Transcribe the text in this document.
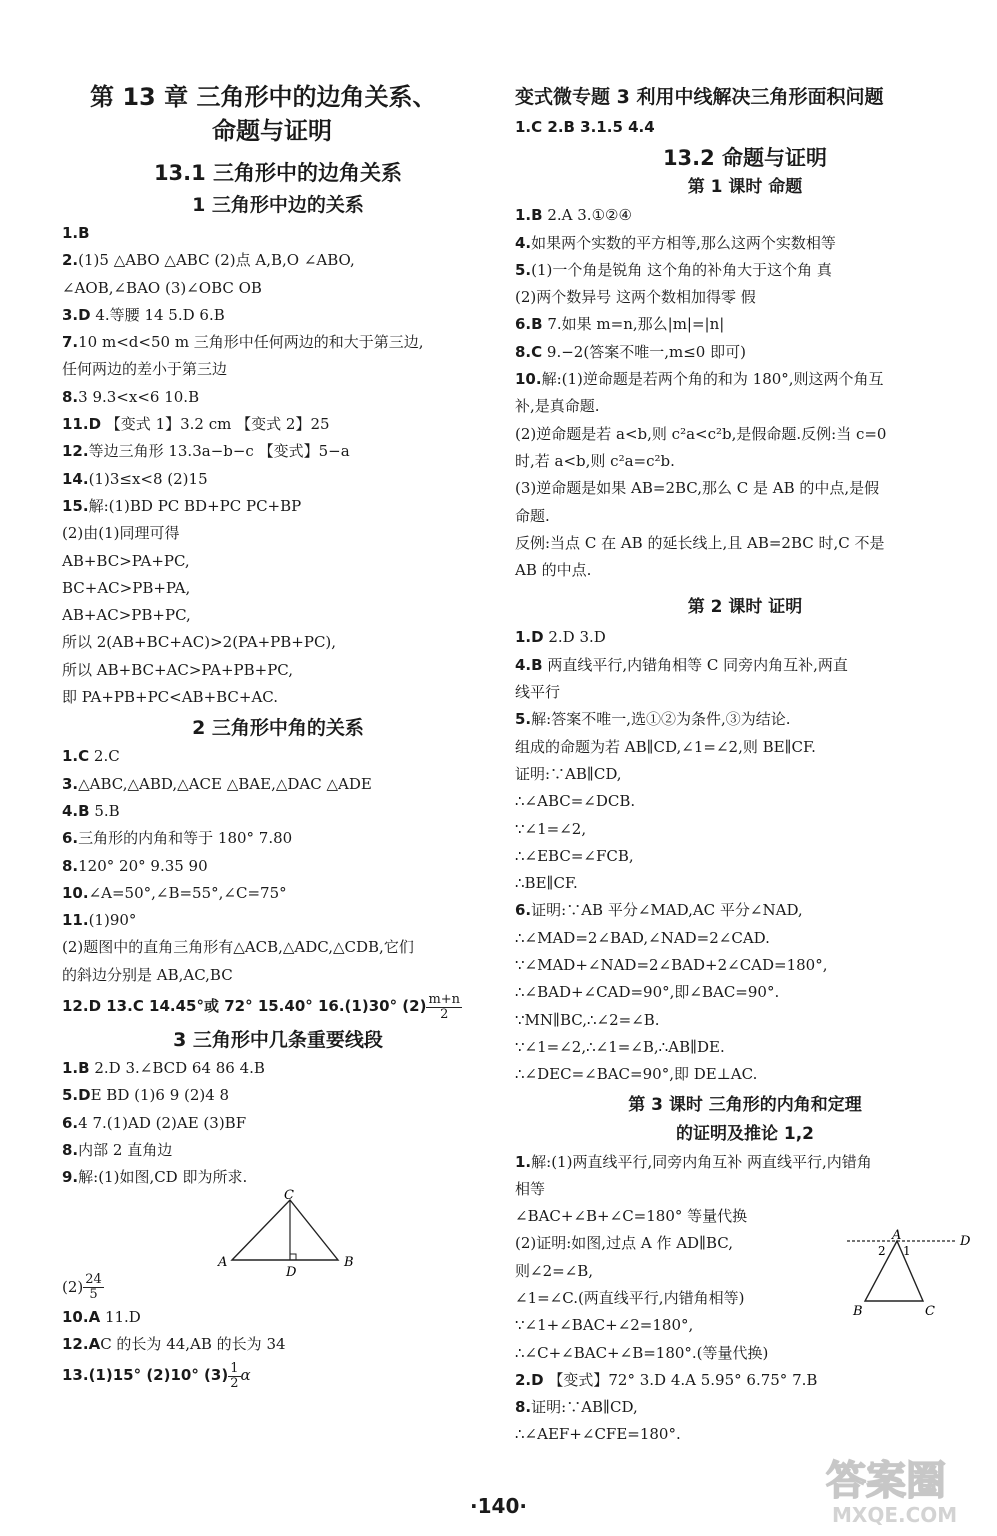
第 13 章 三角形中的边角关系、
命题与证明
13.1 三角形中的边角关系
1 三角形中边的关系
1.B
2.(1)5 △ABO △ABC (2)点 A,B,O ∠ABO,
∠AOB,∠BAO (3)∠OBC OB
3.D 4.等腰 14 5.D 6.B
7.10 m<d<50 m 三角形中任何两边的和大于第三边,
任何两边的差小于第三边
8.3 9.3<x<6 10.B
11.D 【变式 1】3.2 cm 【变式 2】25
12.等边三角形 13.3a−b−c 【变式】5−a
14.(1)3≤x<8 (2)15
15.解:(1)BD PC BD+PC PC+BP
(2)由(1)同理可得
AB+BC>PA+PC,
BC+AC>PB+PA,
AB+AC>PB+PC,
所以 2(AB+BC+AC)>2(PA+PB+PC),
所以 AB+BC+AC>PA+PB+PC,
即 PA+PB+PC<AB+BC+AC.
2 三角形中角的关系
1.C 2.C
3.△ABC,△ABD,△ACE △BAE,△DAC △ADE
4.B 5.B
6.三角形的内角和等于 180° 7.80
8.120° 20° 9.35 90
10.∠A=50°,∠B=55°,∠C=75°
11.(1)90°
(2)题图中的直角三角形有△ACB,△ADC,△CDB,它们
的斜边分别是 AB,AC,BC
12.D 13.C 14.45°或 72° 15.40° 16.(1)30° $(2) \frac{m+n}{2}$
3 三角形中几条重要线段
1.B 2.D 3.∠BCD 64 86 4.B
5.DE BD (1)6 9 (2)4 8
6.4 7.(1)AD (2)AE (3)BF
8.内部 2 直角边
9.解:(1)如图,CD 即为所求.
C
A	B
D
$(2) \frac{24}{5}$
10.A 11.D
12.AC 的长为 44,AB 的长为 34
13.(1)15° (2)10° $(3) \frac{1}{2}$ α
变式微专题 3 利用中线解决三角形面积问题
1.C 2.B 3.1.5 4.4
13.2 命题与证明
第 1 课时 命题
1.B 2.A 3.①②④
4.如果两个实数的平方相等,那么这两个实数相等
5.(1)一个角是锐角 这个角的补角大于这个角 真
(2)两个数异号 这两个数相加得零 假
6.B 7.如果 m=n,那么|m|=|n|
8.C 9.−2(答案不唯一,m≤0 即可)
10.解:(1)逆命题是若两个角的和为 180°,则这两个角互
补,是真命题.
(2)逆命题是若 a<b,则 c²a<c²b,是假命题.反例:当 c=0
时,若 a<b,则 c²a=c²b.
(3)逆命题是如果 AB=2BC,那么 C 是 AB 的中点,是假
命题.
反例:当点 C 在 AB 的延长线上,且 AB=2BC 时,C 不是
AB 的中点.
第 2 课时 证明
1.D 2.D 3.D
4.B 两直线平行,内错角相等 C 同旁内角互补,两直
线平行
5.解:答案不唯一,选①②为条件,③为结论.
组成的命题为若 AB∥CD,∠1=∠2,则 BE∥CF.
证明:∵AB∥CD,
∴∠ABC=∠DCB.
∵∠1=∠2,
∴∠EBC=∠FCB,
∴BE∥CF.
6.证明:∵AB 平分∠MAD,AC 平分∠NAD,
∴∠MAD=2∠BAD,∠NAD=2∠CAD.
∵∠MAD+∠NAD=2∠BAD+2∠CAD=180°,
∴∠BAD+∠CAD=90°,即∠BAC=90°.
∵MN∥BC,∴∠2=∠B.
∵∠1=∠2,∴∠1=∠B,∴AB∥DE.
∴∠DEC=∠BAC=90°,即 DE⊥AC.
第 3 课时 三角形的内角和定理
的证明及推论 1,2
1.解:(1)两直线平行,同旁内角互补 两直线平行,内错角
相等
∠BAC+∠B+∠C=180° 等量代换
(2)证明:如图,过点 A 作 AD∥BC,
则∠2=∠B,
∠1=∠C.(两直线平行,内错角相等)
∵∠1+∠BAC+∠2=180°,
∴∠C+∠BAC+∠B=180°.(等量代换)
2.D 【变式】72° 3.D 4.A 5.95° 6.75° 7.B
8.证明:∵AB∥CD,
∴∠AEF+∠CFE=180°.
A	D
B	C
2 1
·140·
答案圈
MXQE.COM
